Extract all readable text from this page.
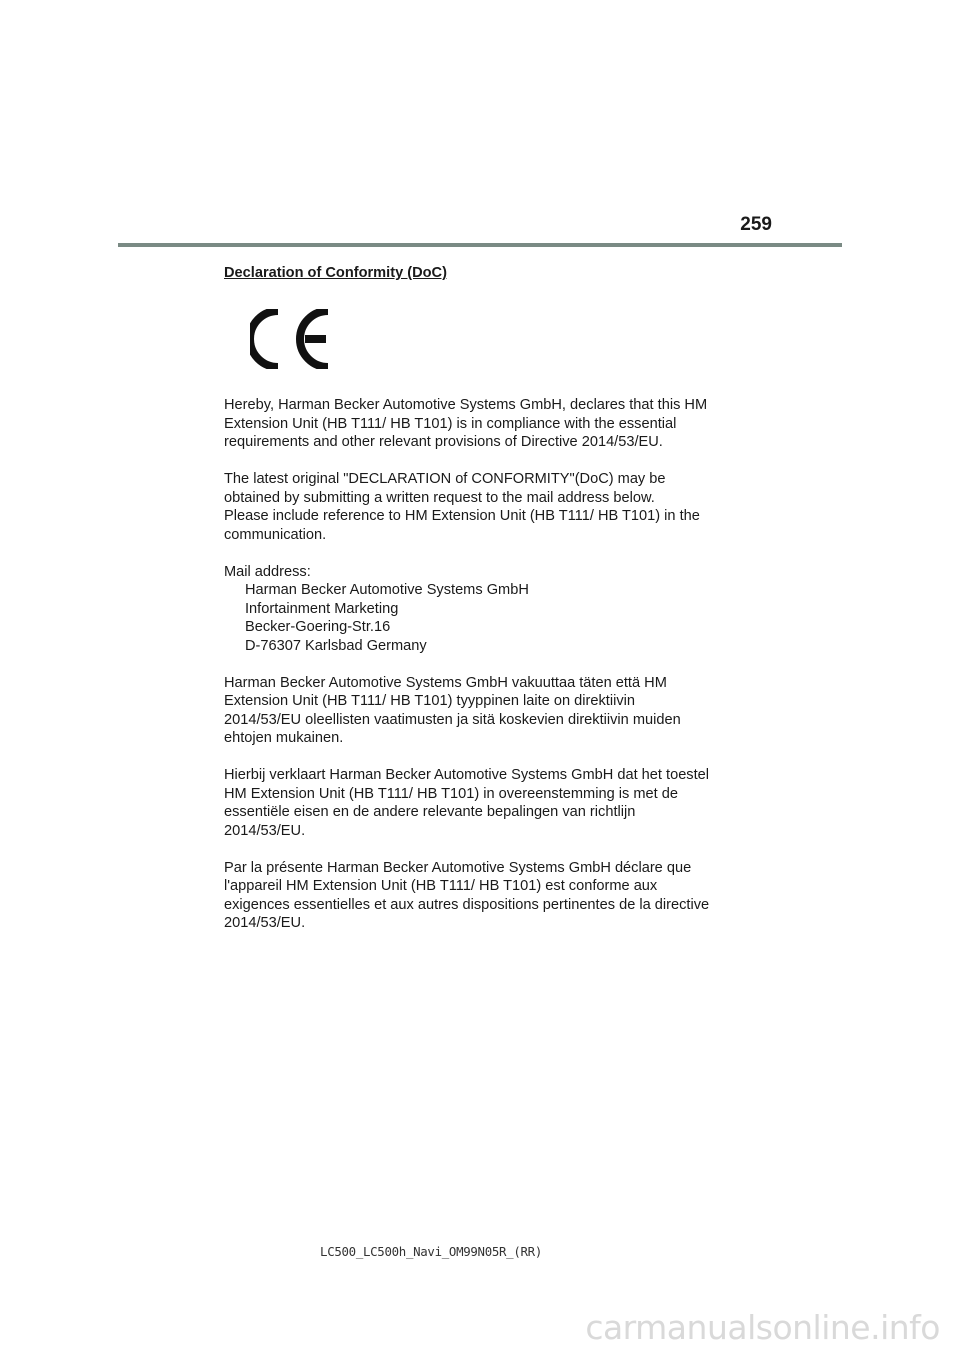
259

Declaration of Conformity (DoC)

Hereby, Harman Becker Automotive Systems GmbH, declares that this HM
Extension Unit (HB T111/ HB T101) is in compliance with the essential
requirements and other relevant provisions of Directive 2014/53/EU.
The latest original "DECLARATION of CONFORMITY"(DoC) may be
obtained by submitting a written request to the mail address below.
Please include reference to HM Extension Unit (HB T111/ HB T101) in the
communication.
Mail address:
Harman Becker Automotive Systems GmbH
Infortainment Marketing
Becker-Goering-Str.16
D-76307 Karlsbad Germany
Harman Becker Automotive Systems GmbH vakuuttaa täten että HM
Extension Unit (HB T111/ HB T101) tyyppinen laite on direktiivin
2014/53/EU oleellisten vaatimusten ja sitä koskevien direktiivin muiden
ehtojen mukainen.
Hierbij verklaart Harman Becker Automotive Systems GmbH dat het toestel
HM Extension Unit (HB T111/ HB T101) in overeenstemming is met de
essentiële eisen en de andere relevante bepalingen van richtlijn
2014/53/EU.
Par la présente Harman Becker Automotive Systems GmbH déclare que
l'appareil HM Extension Unit (HB T111/ HB T101) est conforme aux
exigences essentielles et aux autres dispositions pertinentes de la directive
2014/53/EU.
LC500_LC500h_Navi_OM99N05R_(RR)
carmanualsonline.info
